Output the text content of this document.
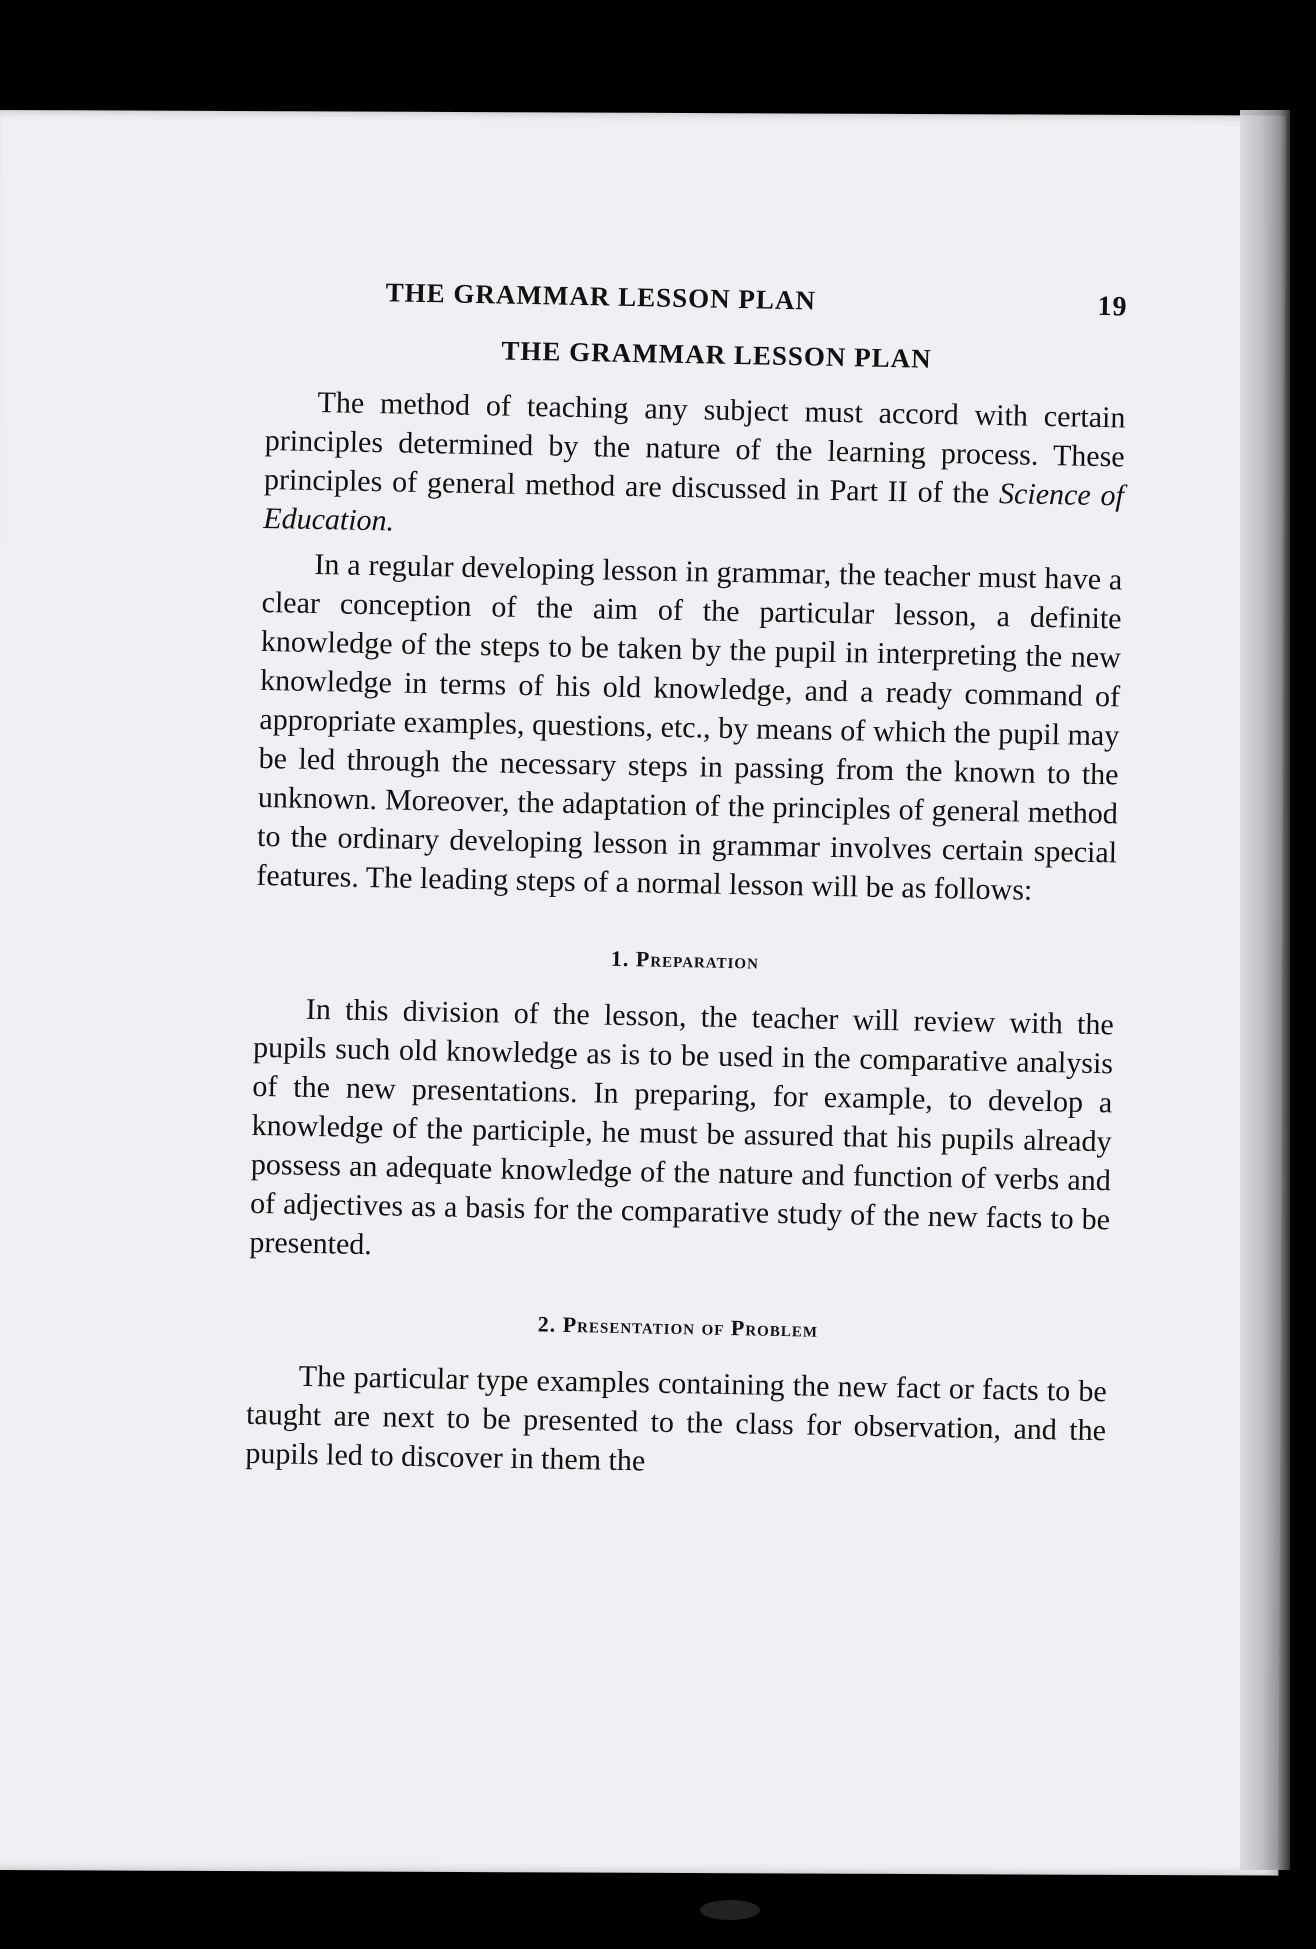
THE GRAMMAR LESSON PLAN	19
THE GRAMMAR LESSON PLAN

The method of teaching any subject must accord with certain principles determined by the nature of the learning process. These principles of general method are discussed in Part II of the Science of Education.

In a regular developing lesson in grammar, the teacher must have a clear conception of the aim of the particular lesson, a definite knowledge of the steps to be taken by the pupil in interpreting the new knowledge in terms of his old knowledge, and a ready command of appropriate examples, questions, etc., by means of which the pupil may be led through the necessary steps in passing from the known to the unknown. Moreover, the adaptation of the principles of general method to the ordinary developing lesson in grammar involves certain special features. The leading steps of a normal lesson will be as follows:

1. Preparation

In this division of the lesson, the teacher will review with the pupils such old knowledge as is to be used in the comparative analysis of the new presentations. In preparing, for example, to develop a knowledge of the participle, he must be assured that his pupils already possess an adequate knowledge of the nature and function of verbs and of adjectives as a basis for the comparative study of the new facts to be presented.

2. Presentation of Problem

The particular type examples containing the new fact or facts to be taught are next to be presented to the class for observation, and the pupils led to discover in them the
